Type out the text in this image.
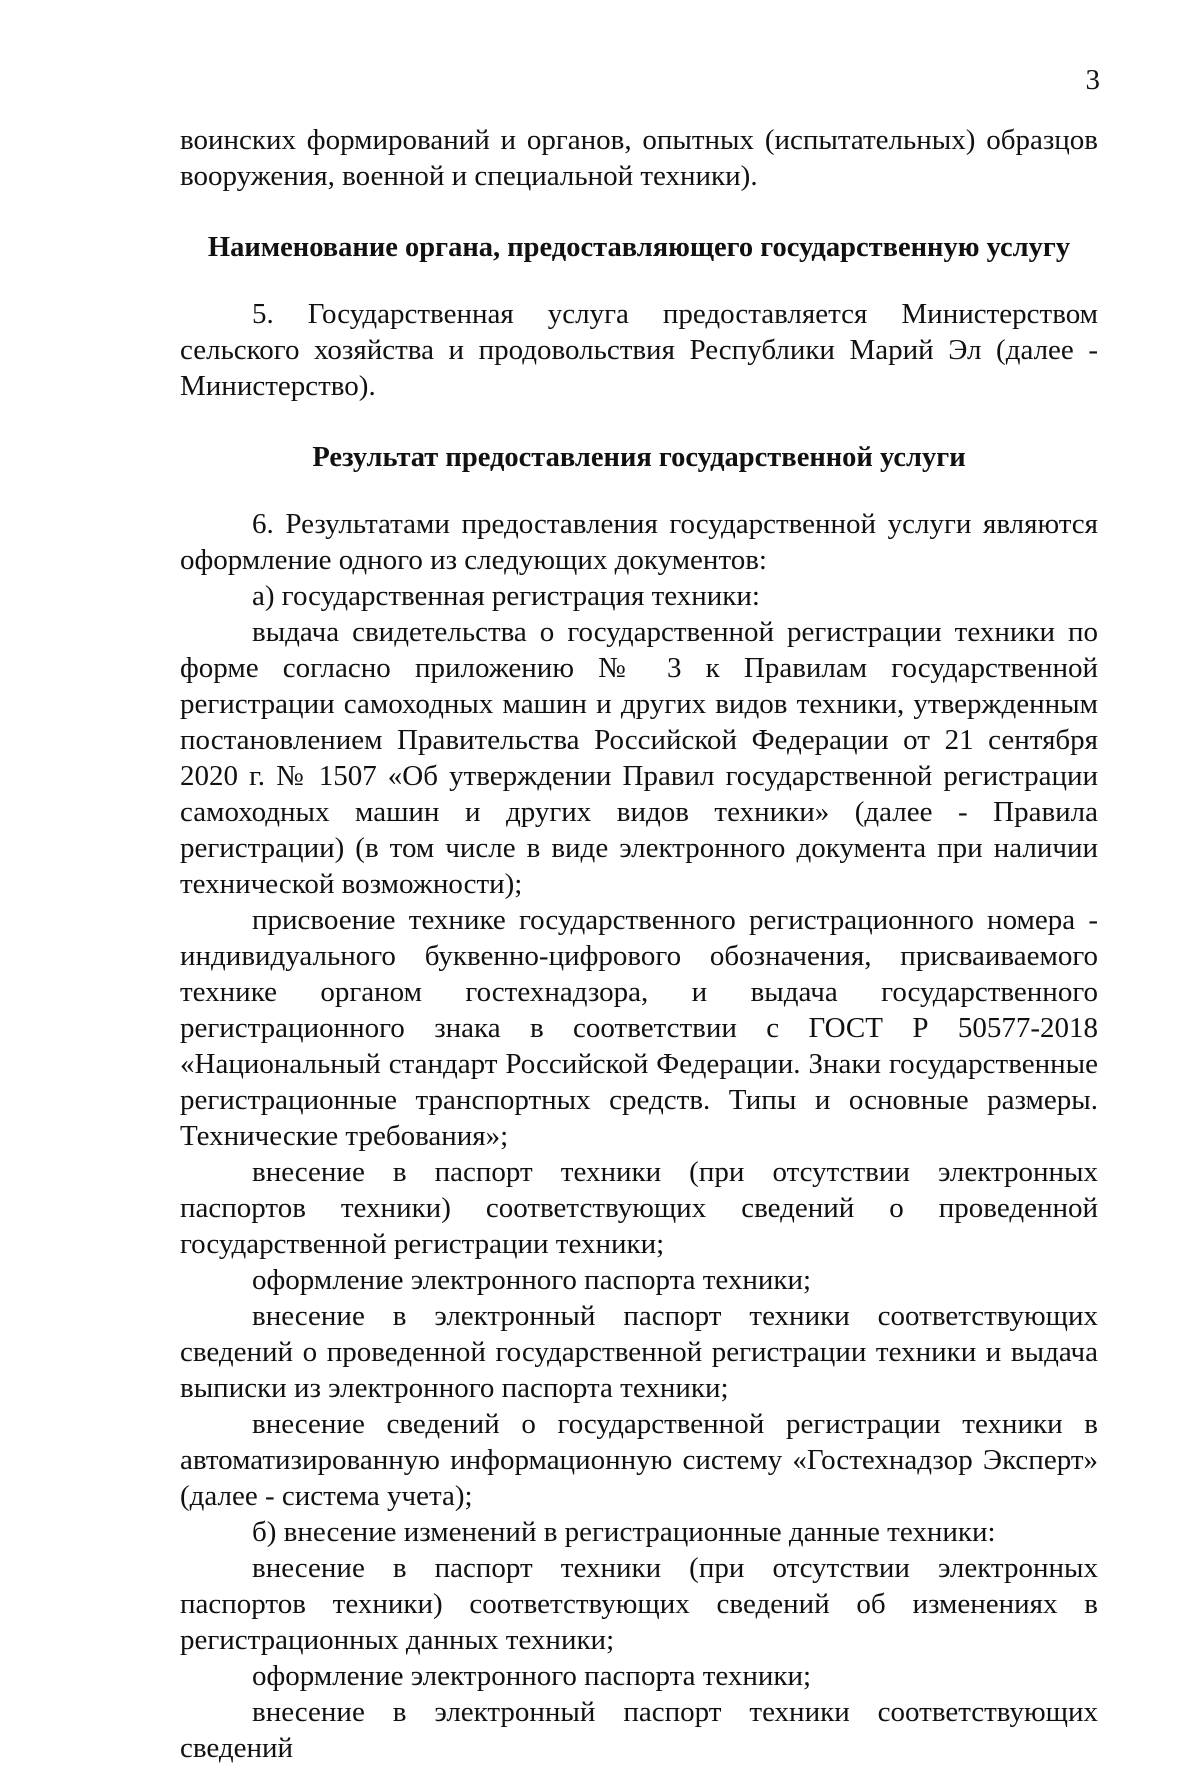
3

воинских формирований и органов, опытных (испытательных) образцов вооружения, военной и специальной техники).

Наименование органа, предоставляющего государственную услугу

5. Государственная услуга предоставляется Министерством сельского хозяйства и продовольствия Республики Марий Эл (далее - Министерство).

Результат предоставления государственной услуги

6. Результатами предоставления государственной услуги являются оформление одного из следующих документов:

а) государственная регистрация техники:

выдача свидетельства о государственной регистрации техники по форме согласно приложению № 3 к Правилам государственной регистрации самоходных машин и других видов техники, утвержденным постановлением Правительства Российской Федерации от 21 сентября 2020 г. № 1507 «Об утверждении Правил государственной регистрации самоходных машин и других видов техники» (далее - Правила регистрации) (в том числе в виде электронного документа при наличии технической возможности);

присвоение технике государственного регистрационного номера - индивидуального буквенно-цифрового обозначения, присваиваемого технике органом гостехнадзора, и выдача государственного регистрационного знака в соответствии с ГОСТ Р 50577-2018 «Национальный стандарт Российской Федерации. Знаки государственные регистрационные транспортных средств. Типы и основные размеры. Технические требования»;

внесение в паспорт техники (при отсутствии электронных паспортов техники) соответствующих сведений о проведенной государственной регистрации техники;

оформление электронного паспорта техники;

внесение в электронный паспорт техники соответствующих сведений о проведенной государственной регистрации техники и выдача выписки из электронного паспорта техники;

внесение сведений о государственной регистрации техники в автоматизированную информационную систему «Гостехнадзор Эксперт» (далее - система учета);

б) внесение изменений в регистрационные данные техники:

внесение в паспорт техники (при отсутствии электронных паспортов техники) соответствующих сведений об изменениях в регистрационных данных техники;

оформление электронного паспорта техники;

внесение в электронный паспорт техники соответствующих сведений
